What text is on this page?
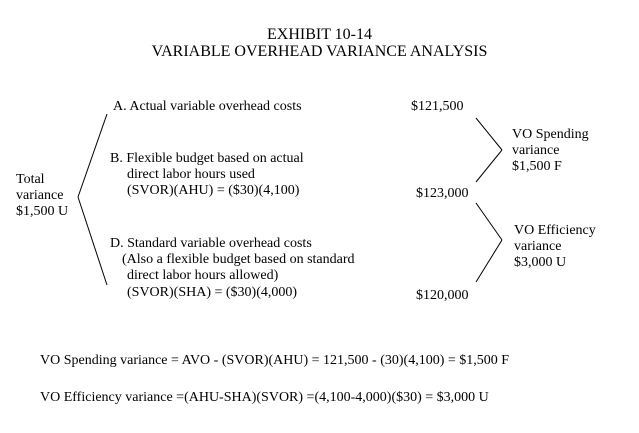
EXHIBIT 10-14
VARIABLE OVERHEAD VARIANCE ANALYSIS
Total
variance
$1,500 U
A. Actual variable overhead costs	$121,500
B. Flexible budget based on actual
direct labor hours used
(SVOR)(AHU) = ($30)(4,100)	$123,000
D. Standard variable overhead costs
(Also a flexible budget based on standard
direct labor hours allowed)
(SVOR)(SHA) = ($30)(4,000)	$120,000
VO Spending
variance
$1,500 F
VO Efficiency
variance
$3,000 U
VO Spending variance = AVO - (SVOR)(AHU) = 121,500 - (30)(4,100) = $1,500 F
VO Efficiency variance =(AHU-SHA)(SVOR) =(4,100-4,000)($30) = $3,000 U
